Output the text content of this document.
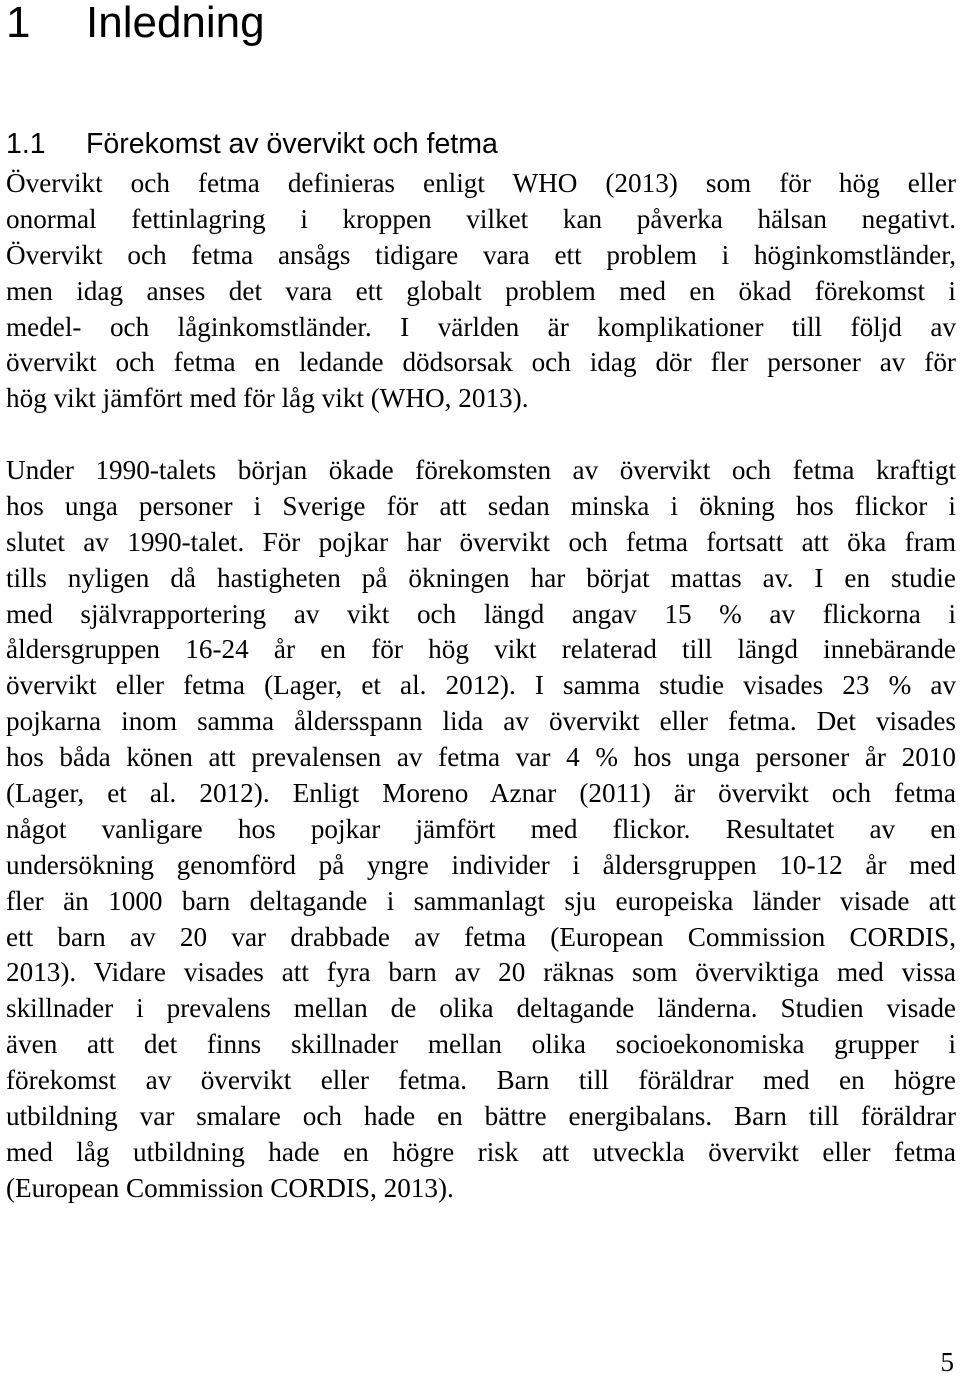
1 Inledning
1.1 Förekomst av övervikt och fetma
Övervikt och fetma definieras enligt WHO (2013) som för hög eller
onormal fettinlagring i kroppen vilket kan påverka hälsan negativt.
Övervikt och fetma ansågs tidigare vara ett problem i höginkomstländer,
men idag anses det vara ett globalt problem med en ökad förekomst i
medel- och låginkomstländer. I världen är komplikationer till följd av
övervikt och fetma en ledande dödsorsak och idag dör fler personer av för
hög vikt jämfört med för låg vikt (WHO, 2013).
Under 1990-talets början ökade förekomsten av övervikt och fetma kraftigt
hos unga personer i Sverige för att sedan minska i ökning hos flickor i
slutet av 1990-talet. För pojkar har övervikt och fetma fortsatt att öka fram
tills nyligen då hastigheten på ökningen har börjat mattas av. I en studie
med självrapportering av vikt och längd angav 15 % av flickorna i
åldersgruppen 16-24 år en för hög vikt relaterad till längd innebärande
övervikt eller fetma (Lager, et al. 2012). I samma studie visades 23 % av
pojkarna inom samma åldersspann lida av övervikt eller fetma. Det visades
hos båda könen att prevalensen av fetma var 4 % hos unga personer år 2010
(Lager, et al. 2012). Enligt Moreno Aznar (2011) är övervikt och fetma
något vanligare hos pojkar jämfört med flickor. Resultatet av en
undersökning genomförd på yngre individer i åldersgruppen 10-12 år med
fler än 1000 barn deltagande i sammanlagt sju europeiska länder visade att
ett barn av 20 var drabbade av fetma (European Commission CORDIS,
2013). Vidare visades att fyra barn av 20 räknas som överviktiga med vissa
skillnader i prevalens mellan de olika deltagande länderna. Studien visade
även att det finns skillnader mellan olika socioekonomiska grupper i
förekomst av övervikt eller fetma. Barn till föräldrar med en högre
utbildning var smalare och hade en bättre energibalans. Barn till föräldrar
med låg utbildning hade en högre risk att utveckla övervikt eller fetma
(European Commission CORDIS, 2013).
5
